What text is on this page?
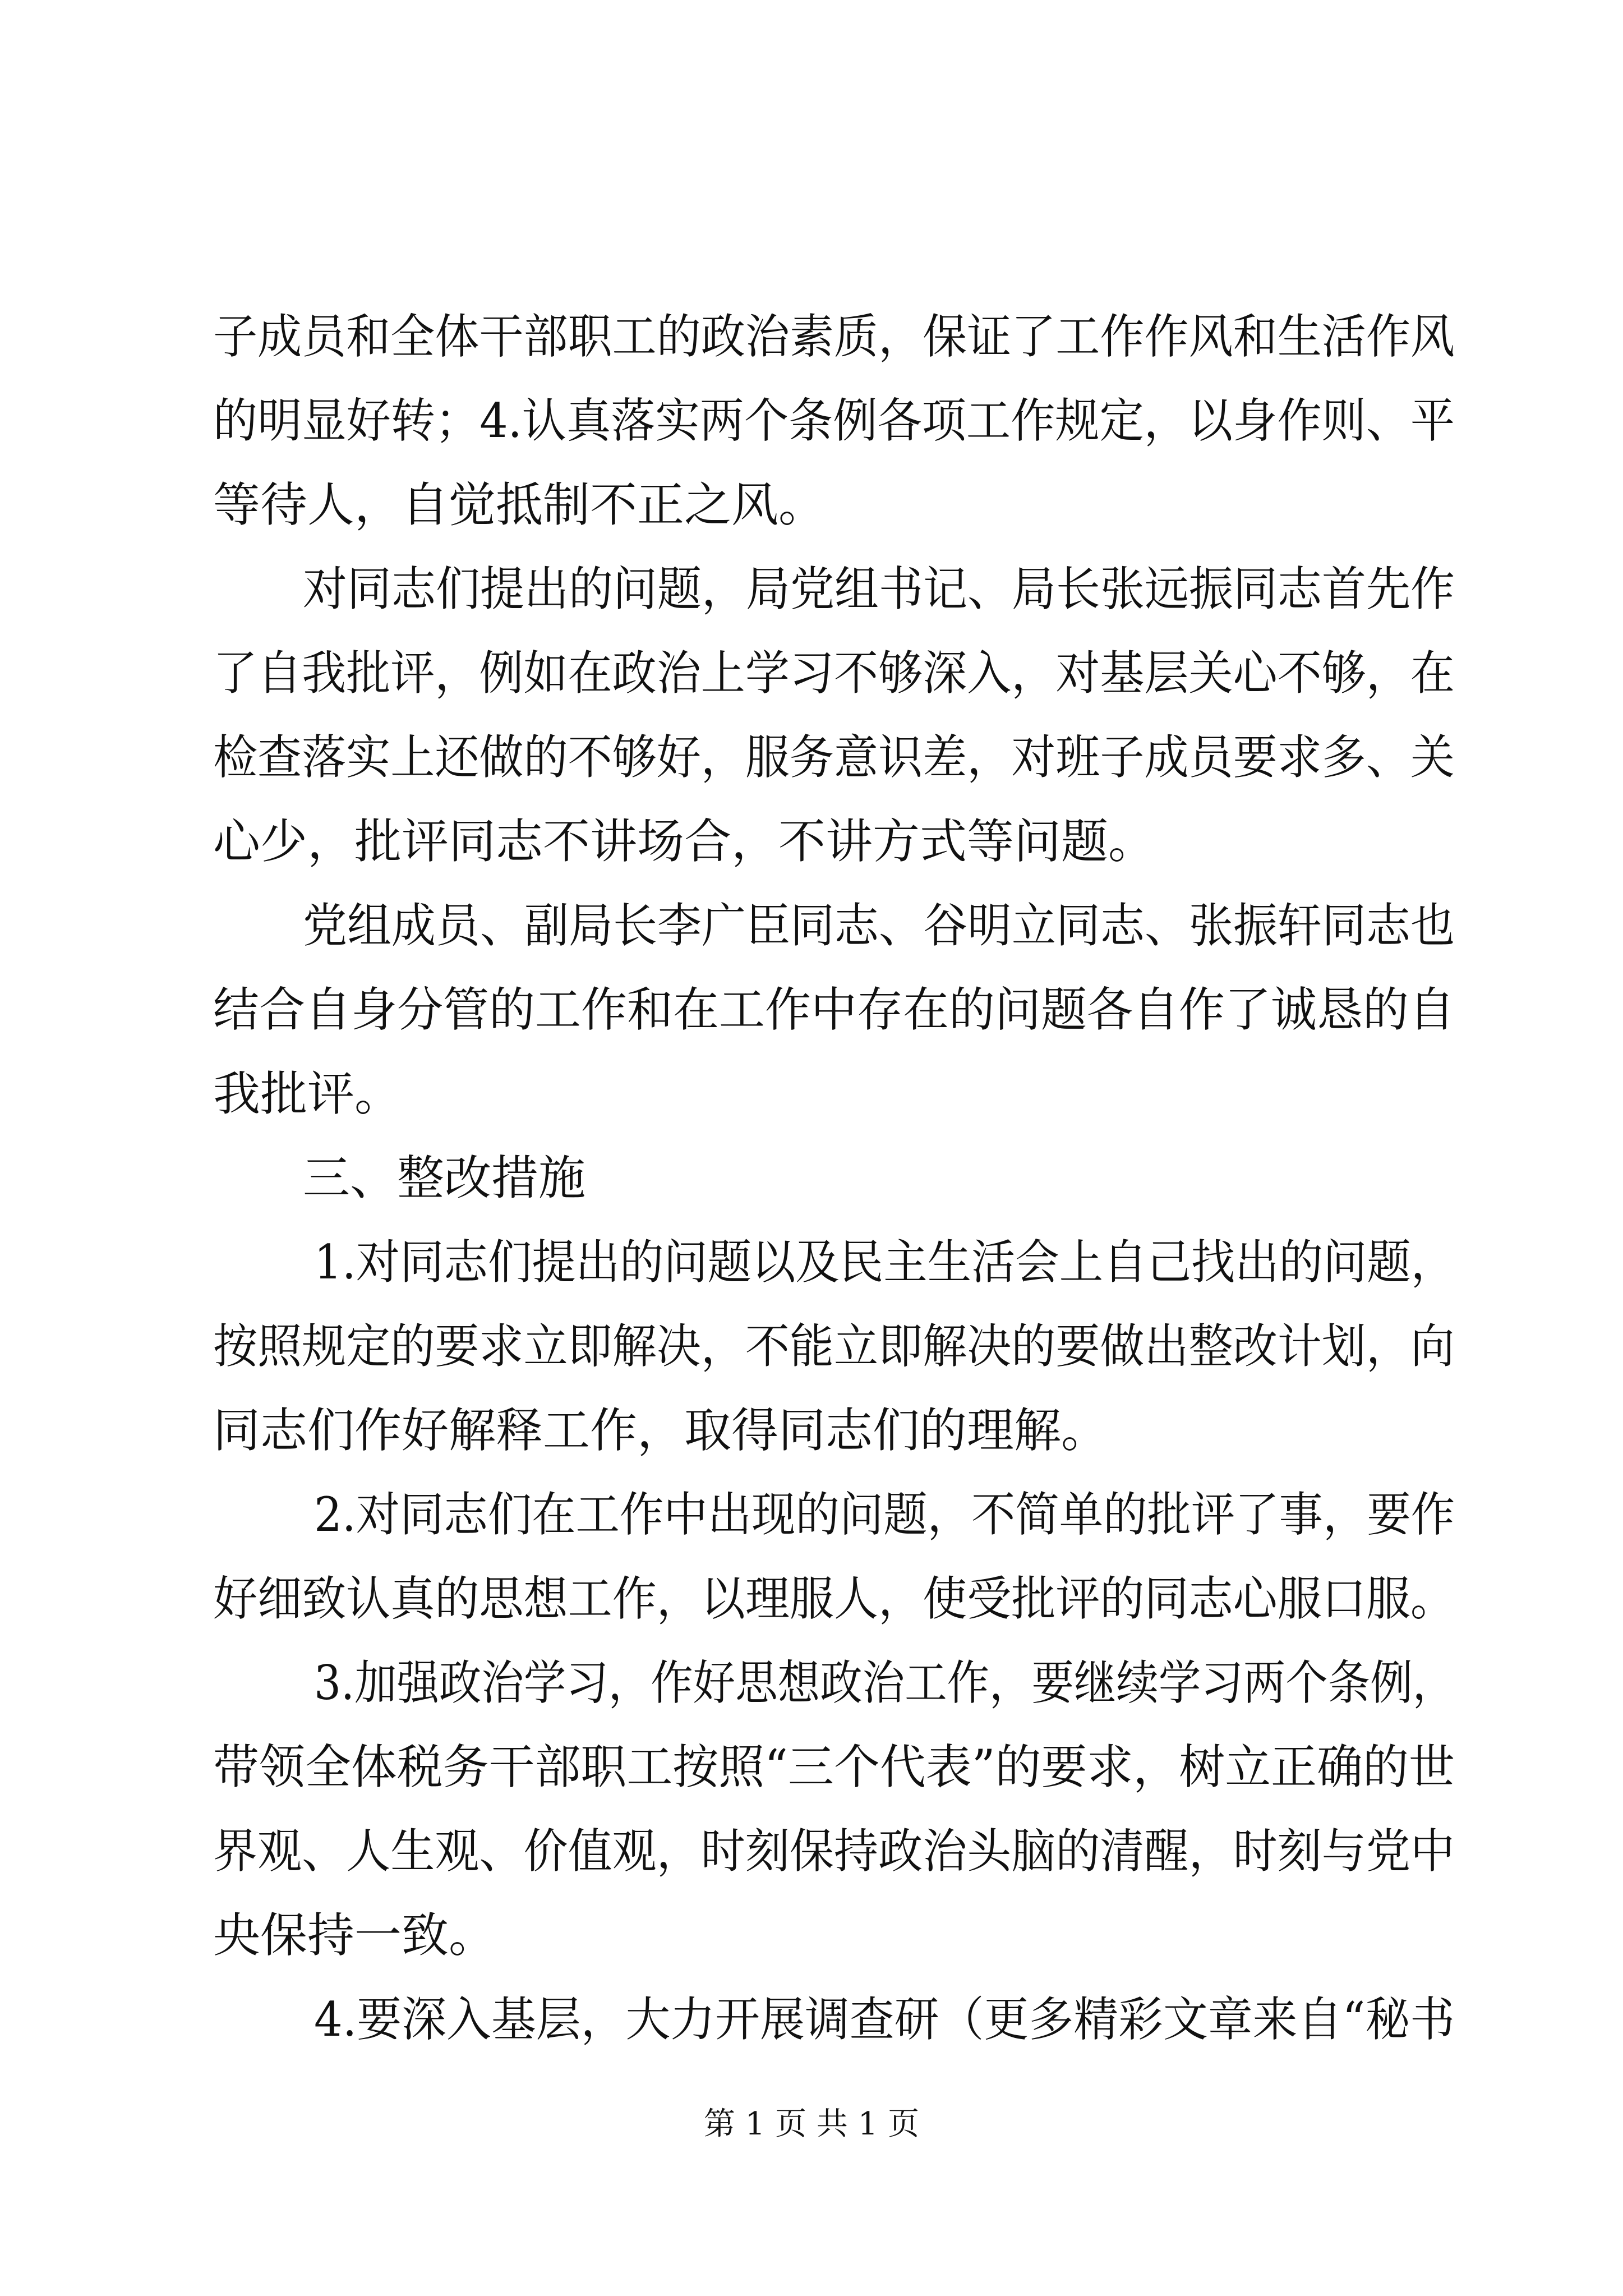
子成员和全体干部职工的政治素质，保证了工作作风和生活作风
的明显好转；4.认真落实两个条例各项工作规定，以身作则、平
等待人，自觉抵制不正之风。
对同志们提出的问题，局党组书记、局长张远振同志首先作
了自我批评，例如在政治上学习不够深入，对基层关心不够，在
检查落实上还做的不够好，服务意识差，对班子成员要求多、关
心少，批评同志不讲场合，不讲方式等问题。
党组成员、副局长李广臣同志、谷明立同志、张振轩同志也
结合自身分管的工作和在工作中存在的问题各自作了诚恳的自
我批评。
三、整改措施
1.对同志们提出的问题以及民主生活会上自己找出的问题，
按照规定的要求立即解决，不能立即解决的要做出整改计划，向
同志们作好解释工作，取得同志们的理解。
2.对同志们在工作中出现的问题，不简单的批评了事，要作
好细致认真的思想工作，以理服人，使受批评的同志心服口服。
3.加强政治学习，作好思想政治工作，要继续学习两个条例，
带领全体税务干部职工按照“三个代表”的要求，树立正确的世
界观、人生观、价值观，时刻保持政治头脑的清醒，时刻与党中
央保持一致。
4.要深入基层，大力开展调查研（更多精彩文章来自“秘书
第 1 页 共 1 页
